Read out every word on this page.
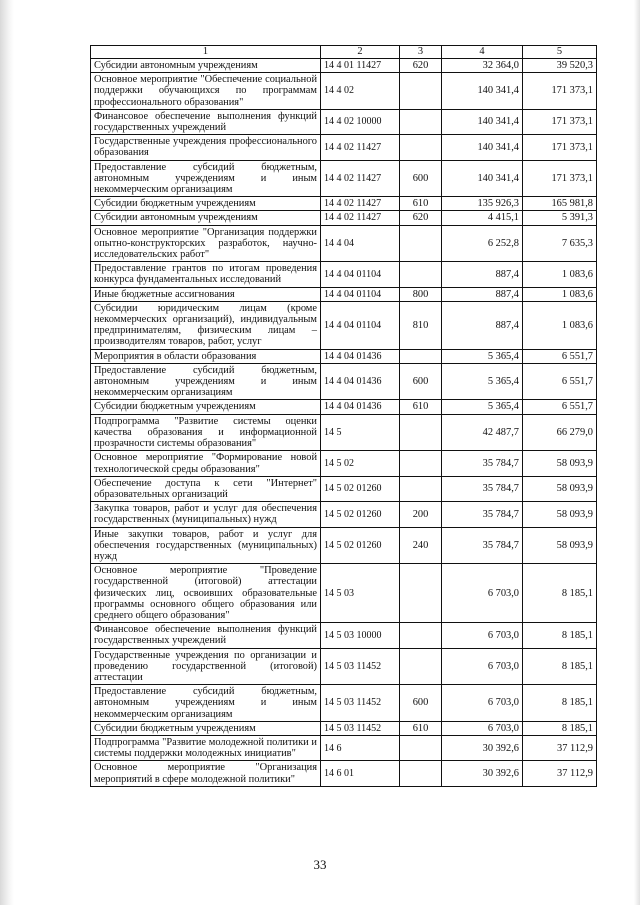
1	2	3	4	5
Субсидии автономным учреждениям	14 4 01 11427	620	32 364,0	39 520,3
Основное мероприятие "Обеспечение социальной поддержки обучающихся по программам профессионального образования"	14 4 02		140 341,4	171 373,1
Финансовое обеспечение выполнения функций государственных учреждений	14 4 02 10000		140 341,4	171 373,1
Государственные учреждения профессионального образования	14 4 02 11427		140 341,4	171 373,1
Предоставление субсидий бюджетным, автономным учреждениям и иным некоммерческим организациям	14 4 02 11427	600	140 341,4	171 373,1
Субсидии бюджетным учреждениям	14 4 02 11427	610	135 926,3	165 981,8
Субсидии автономным учреждениям	14 4 02 11427	620	4 415,1	5 391,3
Основное мероприятие "Организация поддержки опытно-конструкторских разработок, научно-исследовательских работ"	14 4 04		6 252,8	7 635,3
Предоставление грантов по итогам проведения конкурса фундаментальных исследований	14 4 04 01104		887,4	1 083,6
Иные бюджетные ассигнования	14 4 04 01104	800	887,4	1 083,6
Субсидии юридическим лицам (кроме некоммерческих организаций), индивидуальным предпринимателям, физическим лицам – производителям товаров, работ, услуг	14 4 04 01104	810	887,4	1 083,6
Мероприятия в области образования	14 4 04 01436		5 365,4	6 551,7
Предоставление субсидий бюджетным, автономным учреждениям и иным некоммерческим организациям	14 4 04 01436	600	5 365,4	6 551,7
Субсидии бюджетным учреждениям	14 4 04 01436	610	5 365,4	6 551,7
Подпрограмма "Развитие системы оценки качества образования и информационной прозрачности системы образования"	14 5		42 487,7	66 279,0
Основное мероприятие "Формирование новой технологической среды образования"	14 5 02		35 784,7	58 093,9
Обеспечение доступа к сети "Интернет" образовательных организаций	14 5 02 01260		35 784,7	58 093,9
Закупка товаров, работ и услуг для обеспечения государственных (муниципальных) нужд	14 5 02 01260	200	35 784,7	58 093,9
Иные закупки товаров, работ и услуг для обеспечения государственных (муниципальных) нужд	14 5 02 01260	240	35 784,7	58 093,9
Основное мероприятие "Проведение государственной (итоговой) аттестации физических лиц, освоивших образовательные программы основного общего образования или среднего общего образования"	14 5 03		6 703,0	8 185,1
Финансовое обеспечение выполнения функций государственных учреждений	14 5 03 10000		6 703,0	8 185,1
Государственные учреждения по организации и проведению государственной (итоговой) аттестации	14 5 03 11452		6 703,0	8 185,1
Предоставление субсидий бюджетным, автономным учреждениям и иным некоммерческим организациям	14 5 03 11452	600	6 703,0	8 185,1
Субсидии бюджетным учреждениям	14 5 03 11452	610	6 703,0	8 185,1
Подпрограмма "Развитие молодежной политики и системы поддержки молодежных инициатив"	14 6		30 392,6	37 112,9
Основное мероприятие "Организация мероприятий в сфере молодежной политики"	14 6 01		30 392,6	37 112,9
33
